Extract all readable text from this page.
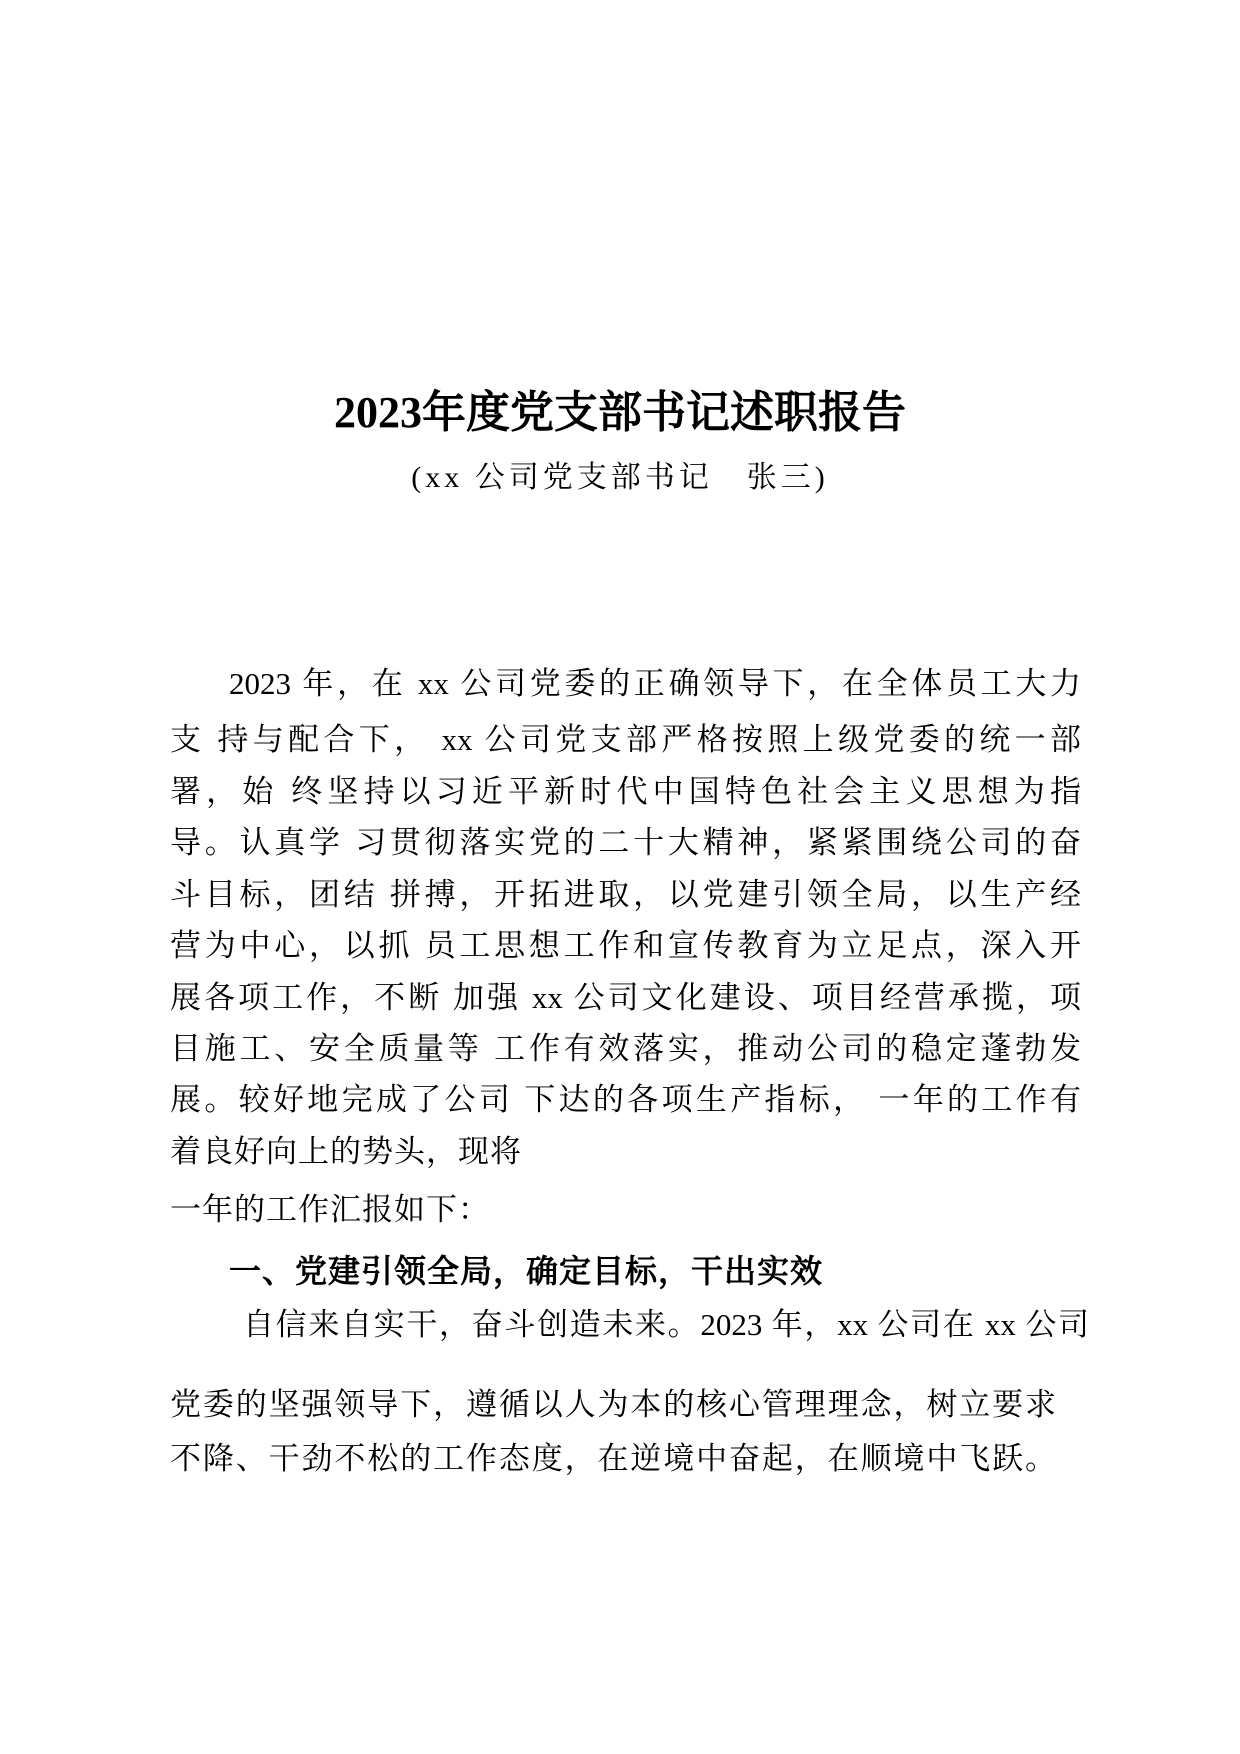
2023年度党支部书记述职报告
(xx 公司党支部书记　张三)
2023 年，在 xx 公司党委的正确领导下，在全体员工大力
支 持与配合下， xx 公司党支部严格按照上级党委的统一部
署，始 终坚持以习近平新时代中国特色社会主义思想为指
导。认真学 习贯彻落实党的二十大精神，紧紧围绕公司的奋
斗目标，团结 拼搏，开拓进取，以党建引领全局，以生产经
营为中心，以抓 员工思想工作和宣传教育为立足点，深入开
展各项工作，不断 加强 xx 公司文化建设、项目经营承揽，项
目施工、安全质量等 工作有效落实，推动公司的稳定蓬勃发
展。较好地完成了公司 下达的各项生产指标， 一年的工作有
着良好向上的势头，现将
一年的工作汇报如下：
一、党建引领全局，确定目标，干出实效
自信来自实干，奋斗创造未来。2023 年，xx 公司在 xx 公司
党委的坚强领导下，遵循以人为本的核心管理理念，树立要求
不降、干劲不松的工作态度，在逆境中奋起，在顺境中飞跃。
